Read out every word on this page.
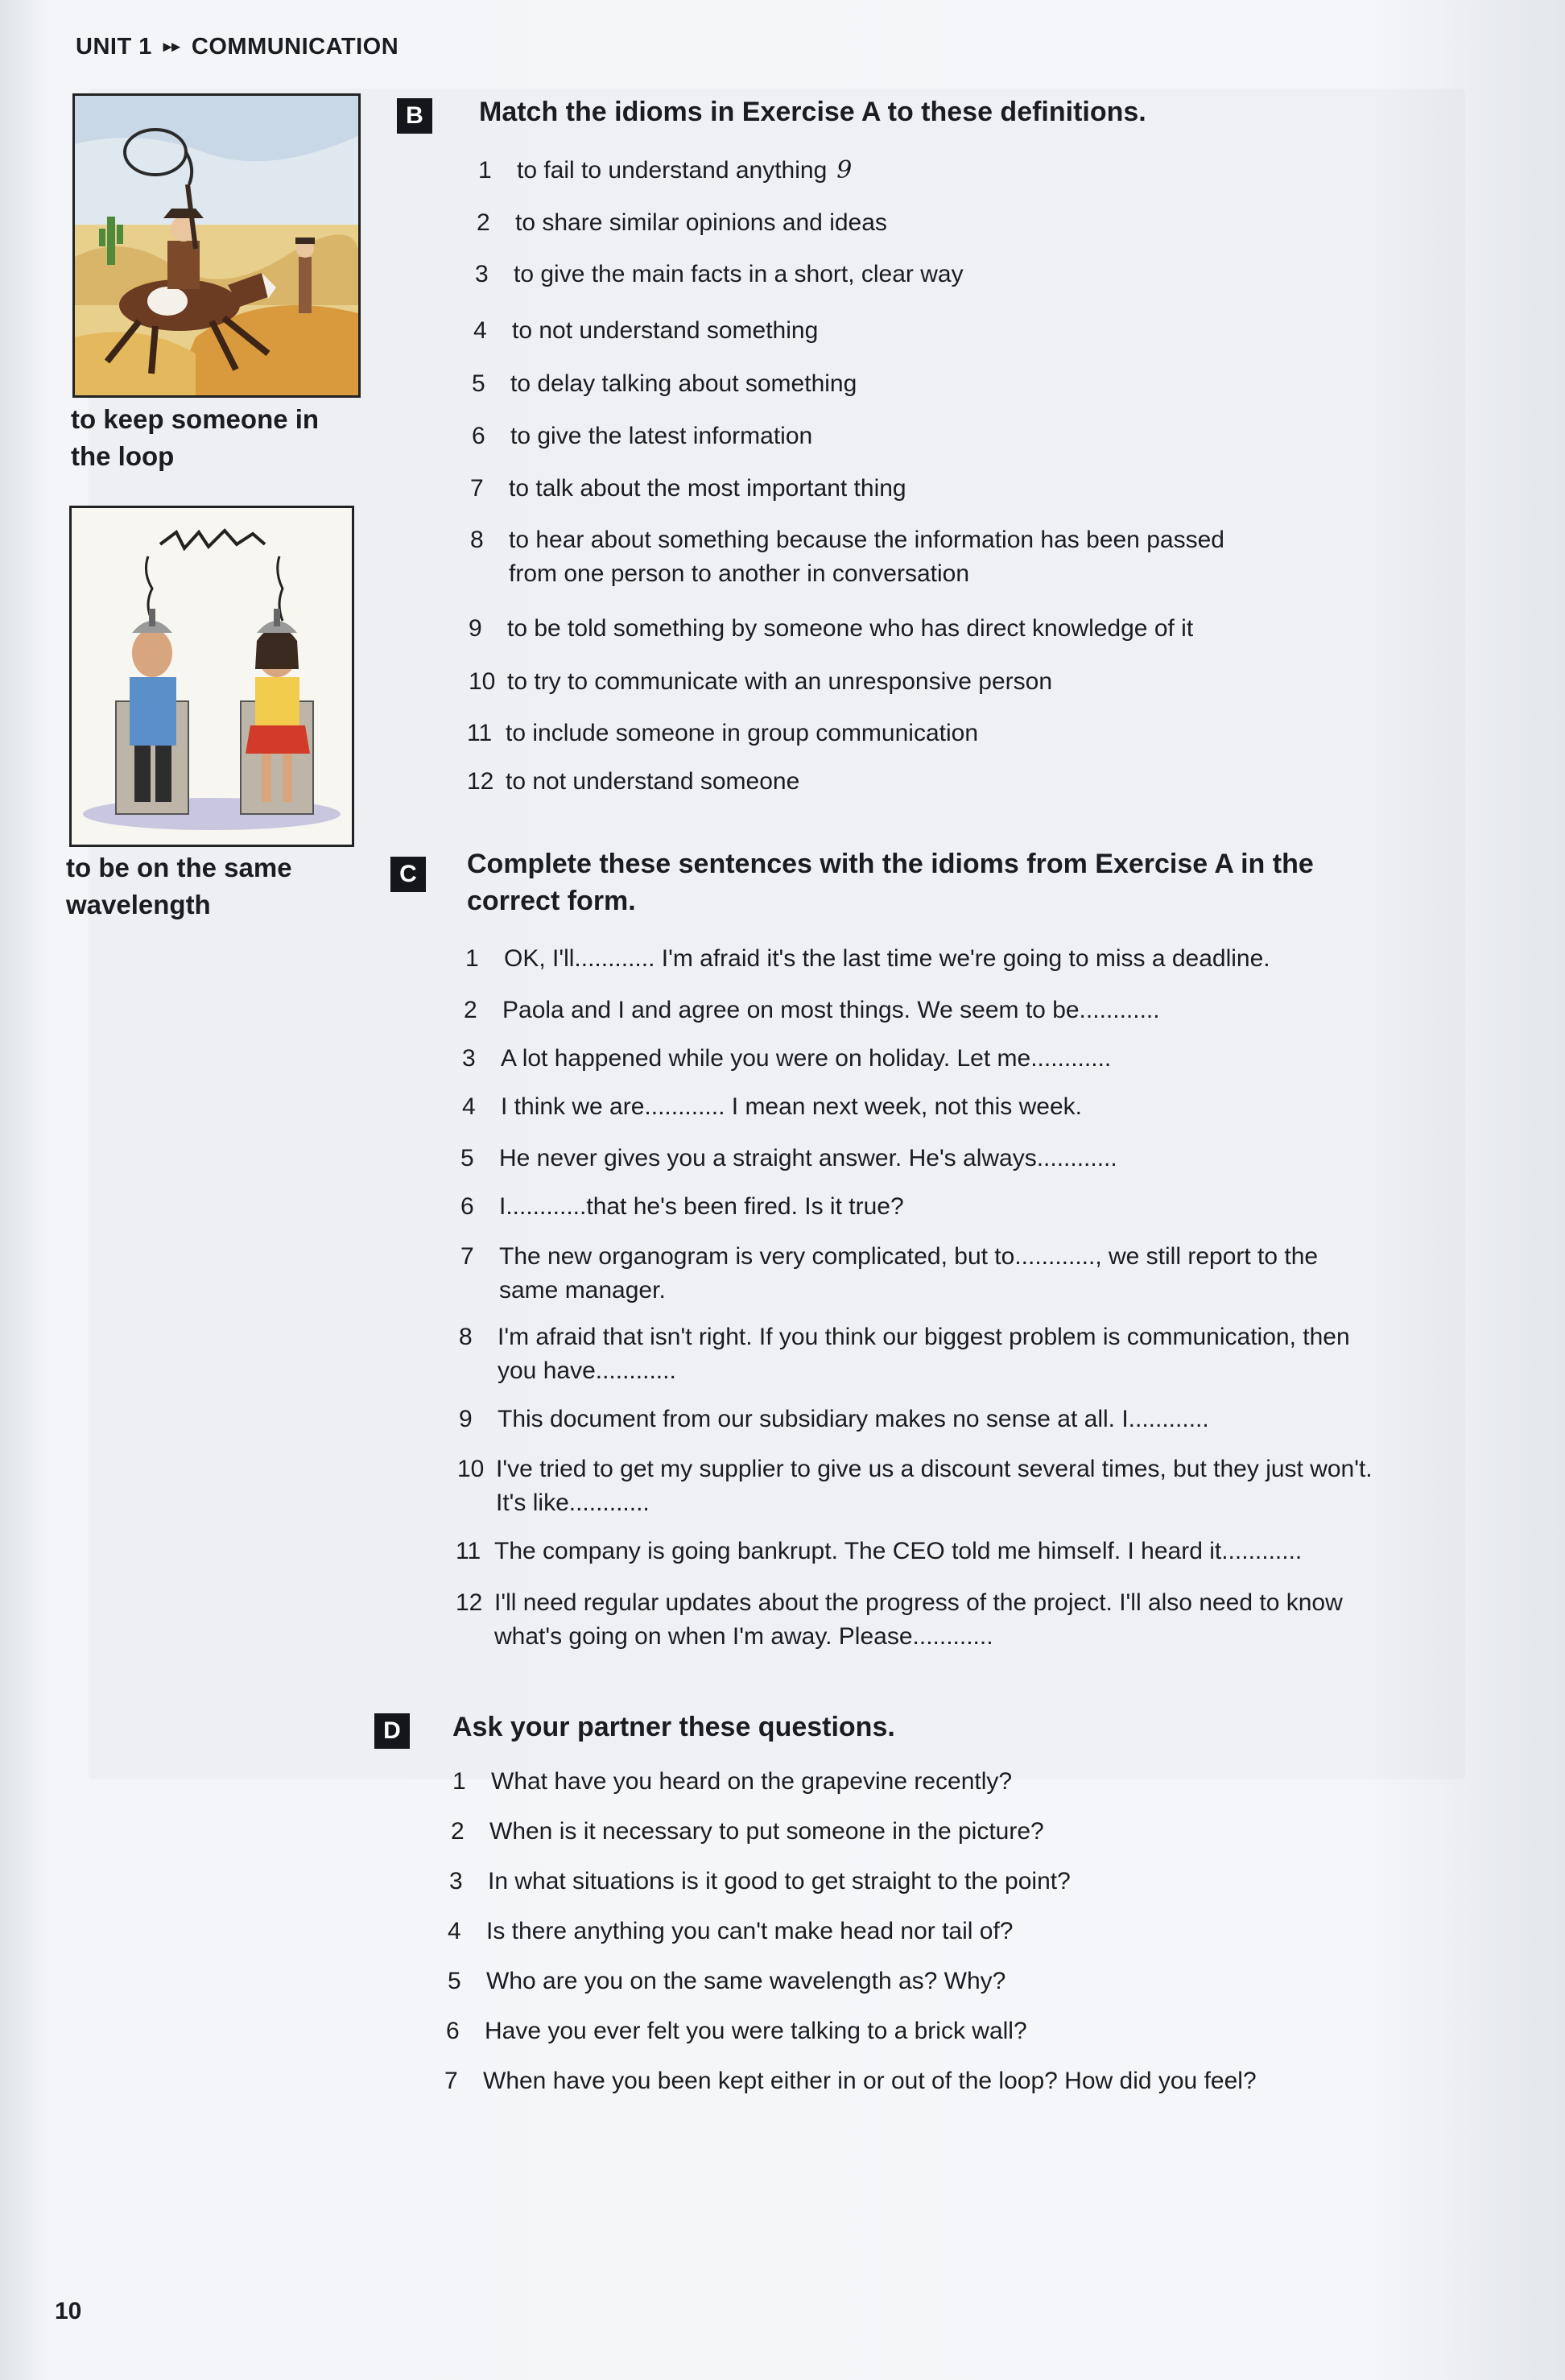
UNIT 1 ▸▸ COMMUNICATION
to keep someone in the loop
to be on the same wavelength
B	Match the idioms in Exercise A to these definitions.
1 to fail to understand anything 9
2 to share similar opinions and ideas
3 to give the main facts in a short, clear way
4 to not understand something
5 to delay talking about something
6 to give the latest information
7 to talk about the most important thing
8 to hear about something because the information has been passed
from one person to another in conversation
9 to be told something by someone who has direct knowledge of it
10 to try to communicate with an unresponsive person
11 to include someone in group communication
12 to not understand someone
C	Complete these sentences with the idioms from Exercise A in the
correct form.
1 OK, I'll............ I'm afraid it's the last time we're going to miss a deadline.
2 Paola and I and agree on most things. We seem to be............
3 A lot happened while you were on holiday. Let me............
4 I think we are............ I mean next week, not this week.
5 He never gives you a straight answer. He's always............
6 I............that he's been fired. Is it true?
7 The new organogram is very complicated, but to............, we still report to the
same manager.
8 I'm afraid that isn't right. If you think our biggest problem is communication, then
you have............
9 This document from our subsidiary makes no sense at all. I............
10 I've tried to get my supplier to give us a discount several times, but they just won't.
It's like............
11 The company is going bankrupt. The CEO told me himself. I heard it............
12 I'll need regular updates about the progress of the project. I'll also need to know
what's going on when I'm away. Please............
D	Ask your partner these questions.
1 What have you heard on the grapevine recently?
2 When is it necessary to put someone in the picture?
3 In what situations is it good to get straight to the point?
4 Is there anything you can't make head nor tail of?
5 Who are you on the same wavelength as? Why?
6 Have you ever felt you were talking to a brick wall?
7 When have you been kept either in or out of the loop? How did you feel?
10
